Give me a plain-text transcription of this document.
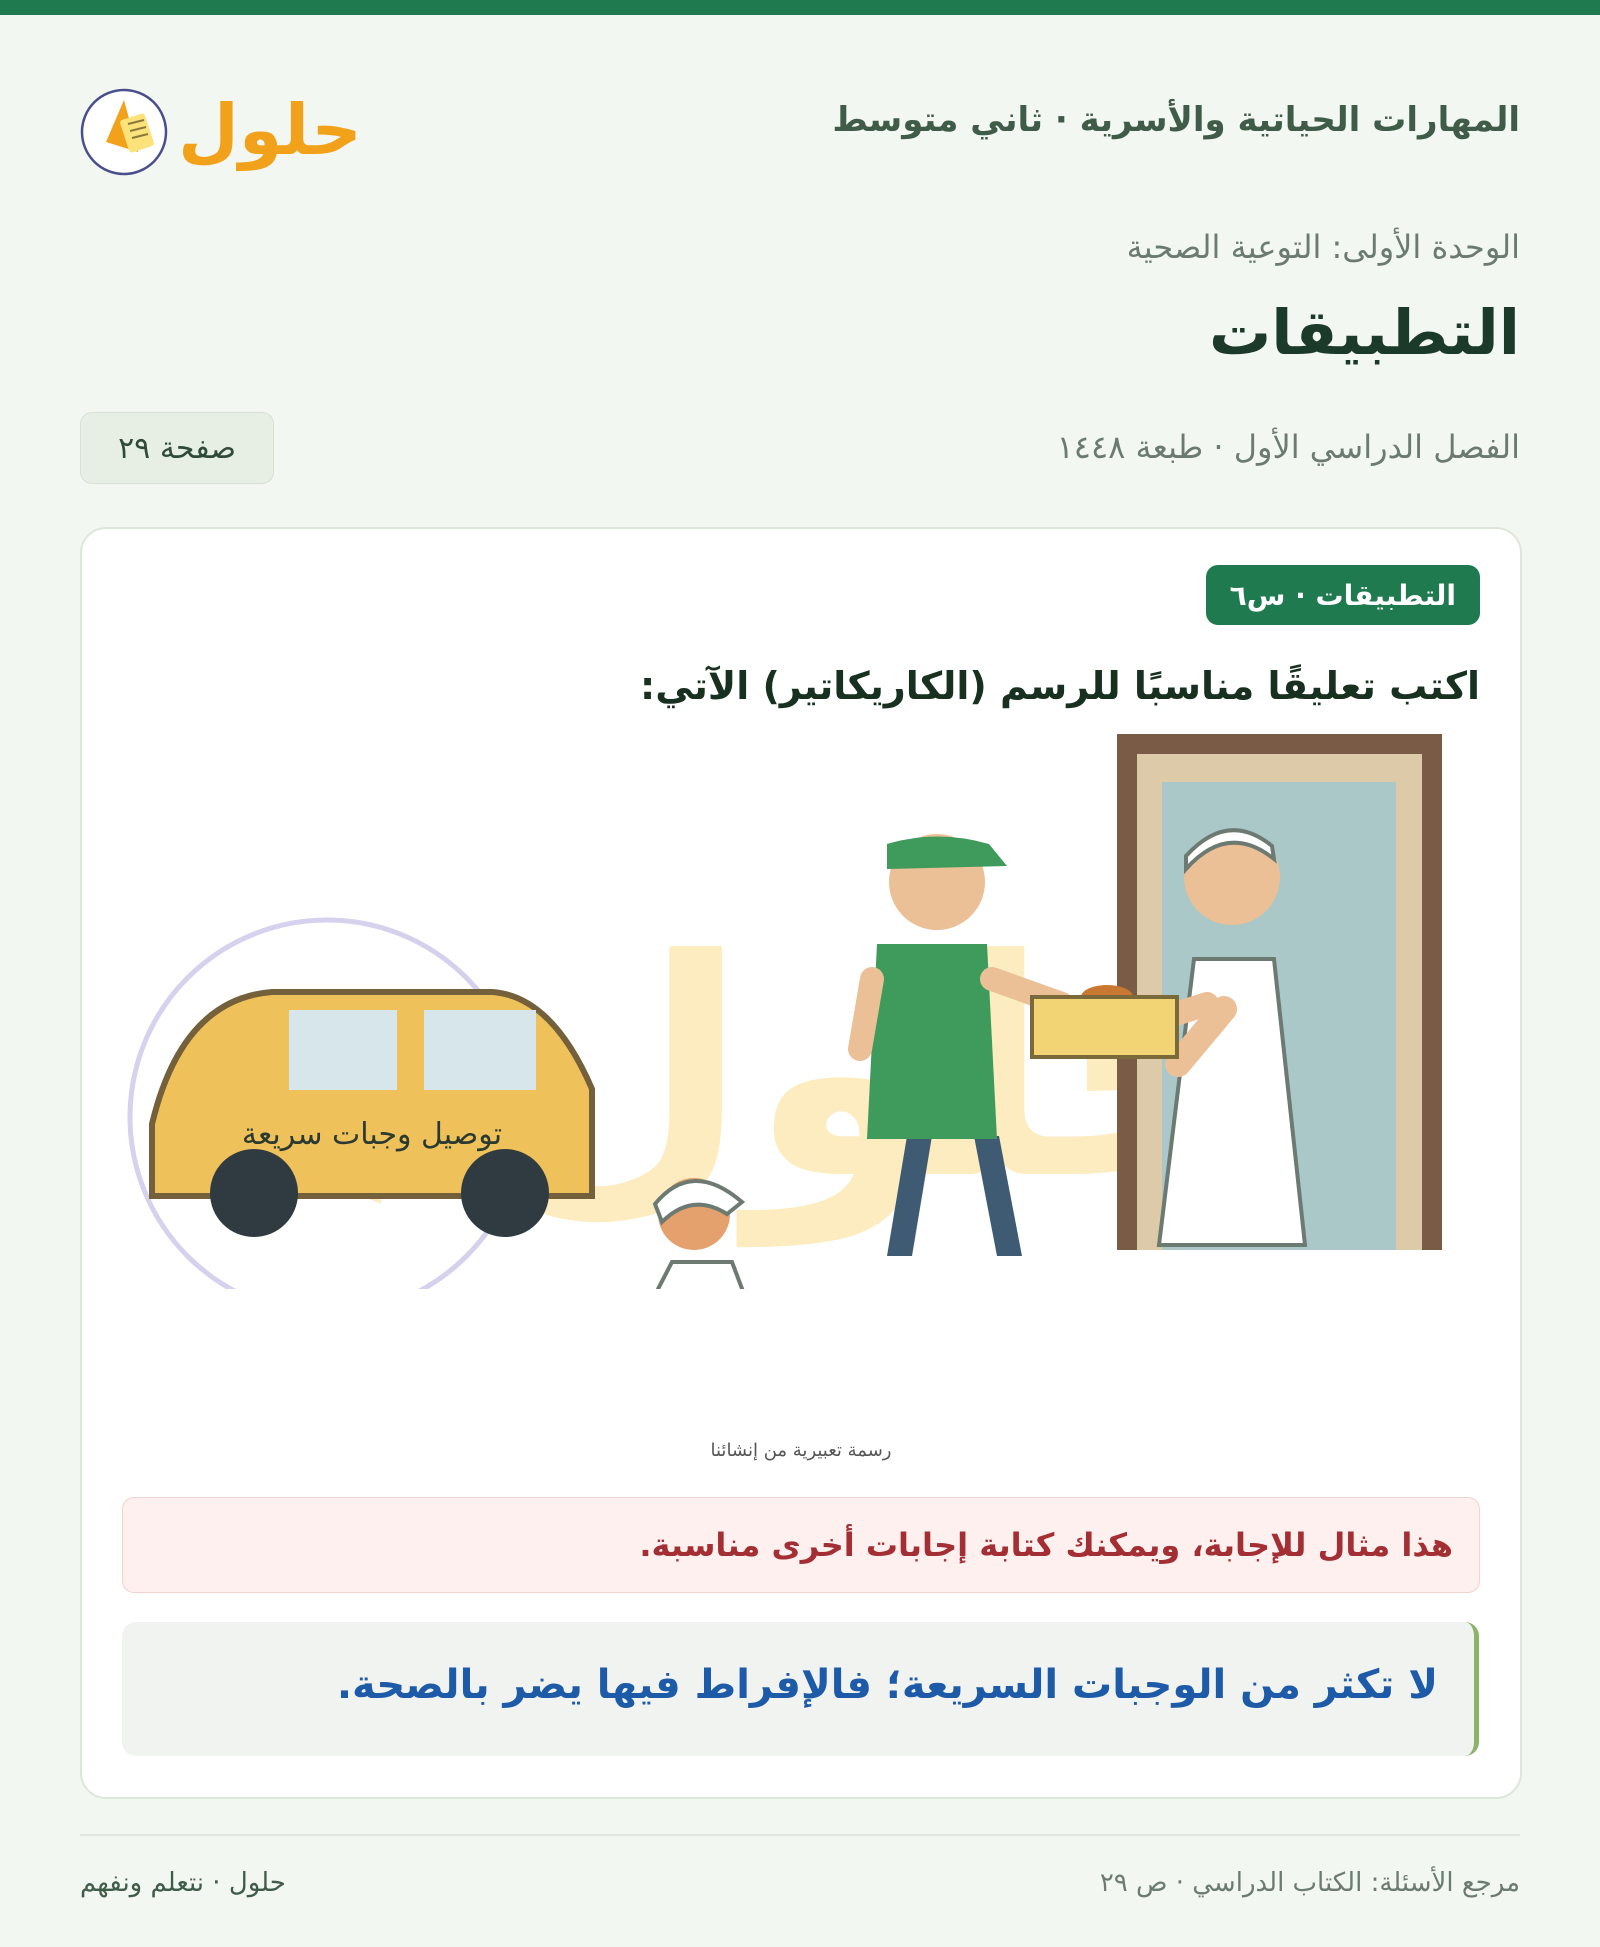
حلول	المهارات الحياتية والأسرية · ثاني متوسط
الوحدة الأولى: التوعية الصحية
التطبيقات
الفصل الدراسي الأول · طبعة ١٤٤٨
صفحة ٢٩
التطبيقات · س٦
اكتب تعليقًا مناسبًا للرسم (الكاريكاتير) الآتي:
توصيل وجبات سريعة
رسمة تعبيرية من إنشائنا
هذا مثال للإجابة، ويمكنك كتابة إجابات أخرى مناسبة.
لا تكثر من الوجبات السريعة؛ فالإفراط فيها يضر بالصحة.
مرجع الأسئلة: الكتاب الدراسي · ص ٢٩
حلول · نتعلم ونفهم
